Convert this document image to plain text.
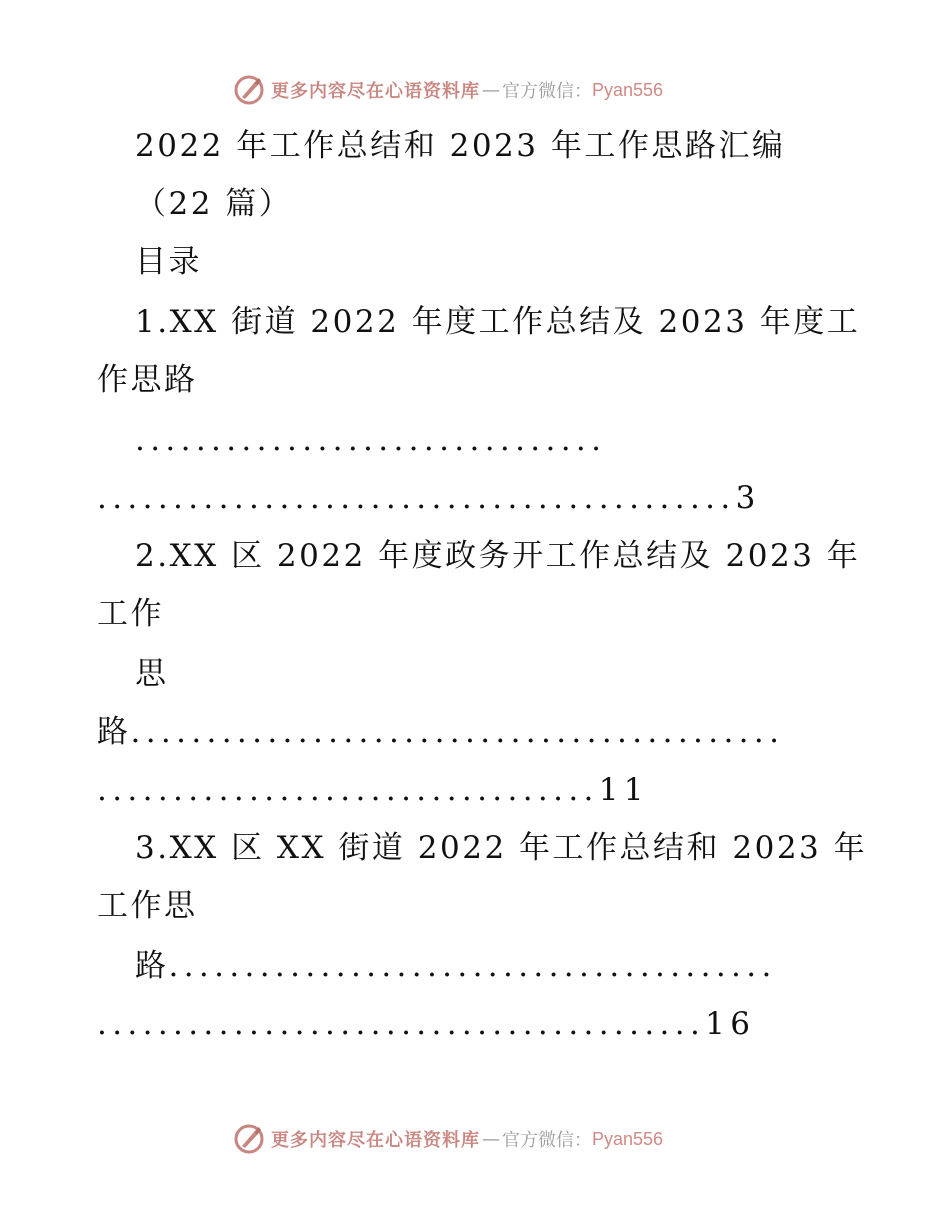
更多内容尽在心语资料库 — 官方微信： Pyan556
2022 年工作总结和 2023 年工作思路汇编
（22 篇）
目录
1.XX 街道 2022 年度工作总结及 2023 年度工
作思路
...............................
..........................................3
2.XX 区 2022 年度政务开工作总结及 2023 年
工作
思
路...........................................
.................................11
3.XX 区 XX 街道 2022 年工作总结和 2023 年
工作思
路........................................
........................................16
更多内容尽在心语资料库 — 官方微信： Pyan556
